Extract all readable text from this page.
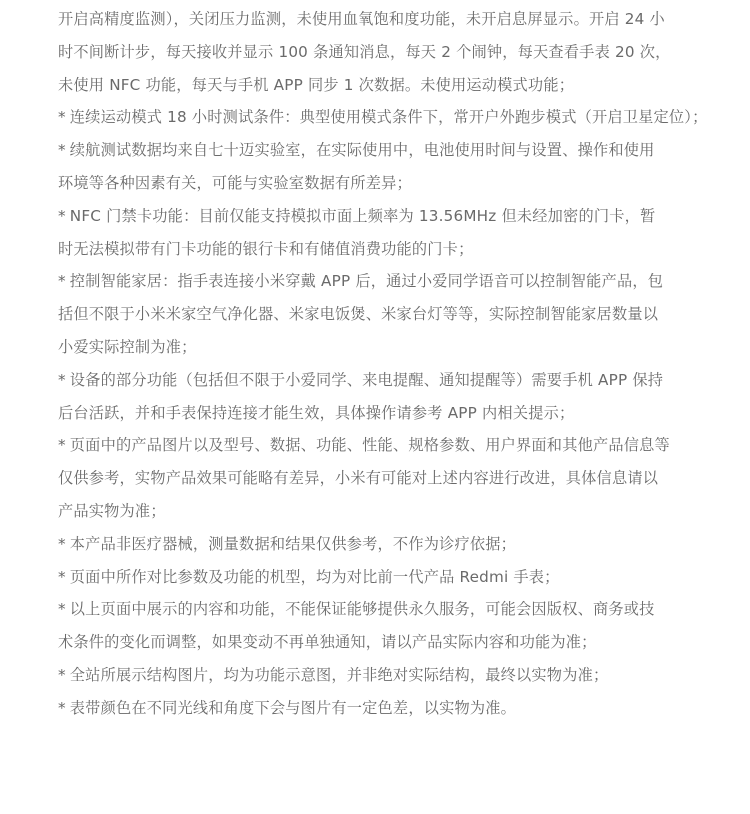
开启高精度监测），关闭压力监测，未使用血氧饱和度功能，未开启息屏显示。开启 24 小
时不间断计步，每天接收并显示 100 条通知消息，每天 2 个闹钟，每天查看手表 20 次，
未使用 NFC 功能，每天与手机 APP 同步 1 次数据。未使用运动模式功能；
* 连续运动模式 18 小时测试条件：典型使用模式条件下，常开户外跑步模式（开启卫星定位）；
* 续航测试数据均来自七十迈实验室，在实际使用中，电池使用时间与设置、操作和使用
环境等各种因素有关，可能与实验室数据有所差异；
* NFC 门禁卡功能：目前仅能支持模拟市面上频率为 13.56MHz 但未经加密的门卡，暂
时无法模拟带有门卡功能的银行卡和有储值消费功能的门卡；
* 控制智能家居：指手表连接小米穿戴 APP 后，通过小爱同学语音可以控制智能产品，包
括但不限于小米米家空气净化器、米家电饭煲、米家台灯等等，实际控制智能家居数量以
小爱实际控制为准；
* 设备的部分功能（包括但不限于小爱同学、来电提醒、通知提醒等）需要手机 APP 保持
后台活跃，并和手表保持连接才能生效，具体操作请参考 APP 内相关提示；
* 页面中的产品图片以及型号、数据、功能、性能、规格参数、用户界面和其他产品信息等
仅供参考，实物产品效果可能略有差异，小米有可能对上述内容进行改进，具体信息请以
产品实物为准；
* 本产品非医疗器械，测量数据和结果仅供参考，不作为诊疗依据；
* 页面中所作对比参数及功能的机型，均为对比前一代产品 Redmi 手表；
* 以上页面中展示的内容和功能，不能保证能够提供永久服务，可能会因版权、商务或技
术条件的变化而调整，如果变动不再单独通知，请以产品实际内容和功能为准；
* 全站所展示结构图片，均为功能示意图，并非绝对实际结构，最终以实物为准；
* 表带颜色在不同光线和角度下会与图片有一定色差，以实物为准。
